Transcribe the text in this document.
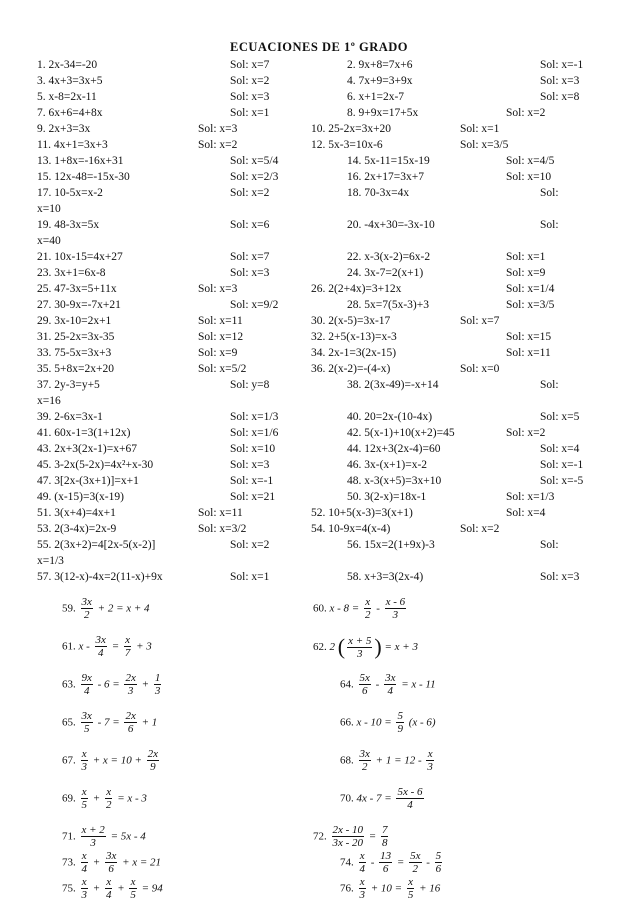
ECUACIONES DE 1º GRADO
1. 2x-34=-20	Sol: x=7	2. 9x+8=7x+6	Sol: x=-1
3. 4x+3=3x+5	Sol: x=2	4. 7x+9=3+9x	Sol: x=3
5. x-8=2x-11	Sol: x=3	6. x+1=2x-7	Sol: x=8
7. 6x+6=4+8x	Sol: x=1	8. 9+9x=17+5x	Sol: x=2
9. 2x+3=3x	Sol: x=3	10. 25-2x=3x+20	Sol: x=1
11. 4x+1=3x+3	Sol: x=2	12. 5x-3=10x-6	Sol: x=3/5
13. 1+8x=-16x+31	Sol: x=5/4	14. 5x-11=15x-19	Sol: x=4/5
15. 12x-48=-15x-30	Sol: x=2/3	16. 2x+17=3x+7	Sol: x=10
17. 10-5x=x-2	Sol: x=2	18. 70-3x=4x	Sol:
x=10
19. 48-3x=5x	Sol: x=6	20. -4x+30=-3x-10	Sol:
x=40
21. 10x-15=4x+27	Sol: x=7	22. x-3(x-2)=6x-2	Sol: x=1
23. 3x+1=6x-8	Sol: x=3	24. 3x-7=2(x+1)	Sol: x=9
25. 47-3x=5+11x	Sol: x=3	26. 2(2+4x)=3+12x	Sol: x=1/4
27. 30-9x=-7x+21	Sol: x=9/2	28. 5x=7(5x-3)+3	Sol: x=3/5
29. 3x-10=2x+1	Sol: x=11	30. 2(x-5)=3x-17	Sol: x=7
31. 25-2x=3x-35	Sol: x=12	32. 2+5(x-13)=x-3	Sol: x=15
33. 75-5x=3x+3	Sol: x=9	34. 2x-1=3(2x-15)	Sol: x=11
35. 5+8x=2x+20	Sol: x=5/2	36. 2(x-2)=-(4-x)	Sol: x=0
37. 2y-3=y+5	Sol: y=8	38. 2(3x-49)=-x+14	Sol:
x=16
39. 2-6x=3x-1	Sol: x=1/3	40. 20=2x-(10-4x)	Sol: x=5
41. 60x-1=3(1+12x)	Sol: x=1/6	42. 5(x-1)+10(x+2)=45	Sol: x=2
43. 2x+3(2x-1)=x+67	Sol: x=10	44. 12x+3(2x-4)=60	Sol: x=4
45. 3-2x(5-2x)=4x²+x-30	Sol: x=3	46. 3x-(x+1)=x-2	Sol: x=-1
47. 3[2x-(3x+1)]=x+1	Sol: x=-1	48. x-3(x+5)=3x+10	Sol: x=-5
49. (x-15)=3(x-19)	Sol: x=21	50. 3(2-x)=18x-1	Sol: x=1/3
51. 3(x+4)=4x+1	Sol: x=11	52. 10+5(x-3)=3(x+1)	Sol: x=4
53. 2(3-4x)=2x-9	Sol: x=3/2	54. 10-9x=4(x-4)	Sol: x=2
55. 2(3x+2)=4[2x-5(x-2)]	Sol: x=2	56. 15x=2(1+9x)-3	Sol:
x=1/3
57. 3(12-x)-4x=2(11-x)+9x	Sol: x=1	58. x+3=3(2x-4)	Sol: x=3
59. $\frac{3x}{2} + 2 = x + 4$	60. $x - 8 = \frac{x}{2} - \frac{x - 6}{3}$
61. $x - \frac{3x}{4} = \frac{x}{7} + 3$	62. 2 ( $\frac{x + 5}{3}$ ) = x + 3
63. $\frac{9x}{4} - 6 = \frac{2x}{3} + \frac{1}{3}$	64. $\frac{5x}{6} - \frac{3x}{4} = x - 11$
65. $\frac{3x}{5} - 7 = \frac{2x}{6} + 1$	66. $x - 10 = \frac{5}{9} (x - 6)$
67. $\frac{x}{3} + x = 10 + \frac{2x}{9}$	68. $\frac{3x}{2} + 1 = 12 - \frac{x}{3}$
69. $\frac{x}{5} + \frac{x}{2} = x - 3$	70. $4x - 7 = \frac{5x - 6}{4}$
71. $\frac{x + 2}{3} = 5x - 4$	72. $\frac{2x - 10}{3x - 20} = \frac{7}{8}$
73. $\frac{x}{4} + \frac{3x}{6} + x = 21$	74. $\frac{x}{4} - \frac{13}{6} = \frac{5x}{2} - \frac{5}{6}$
75. $\frac{x}{3} + \frac{x}{4} + \frac{x}{5} = 94$	76. $\frac{x}{3} + 10 = \frac{x}{5} + 16$
